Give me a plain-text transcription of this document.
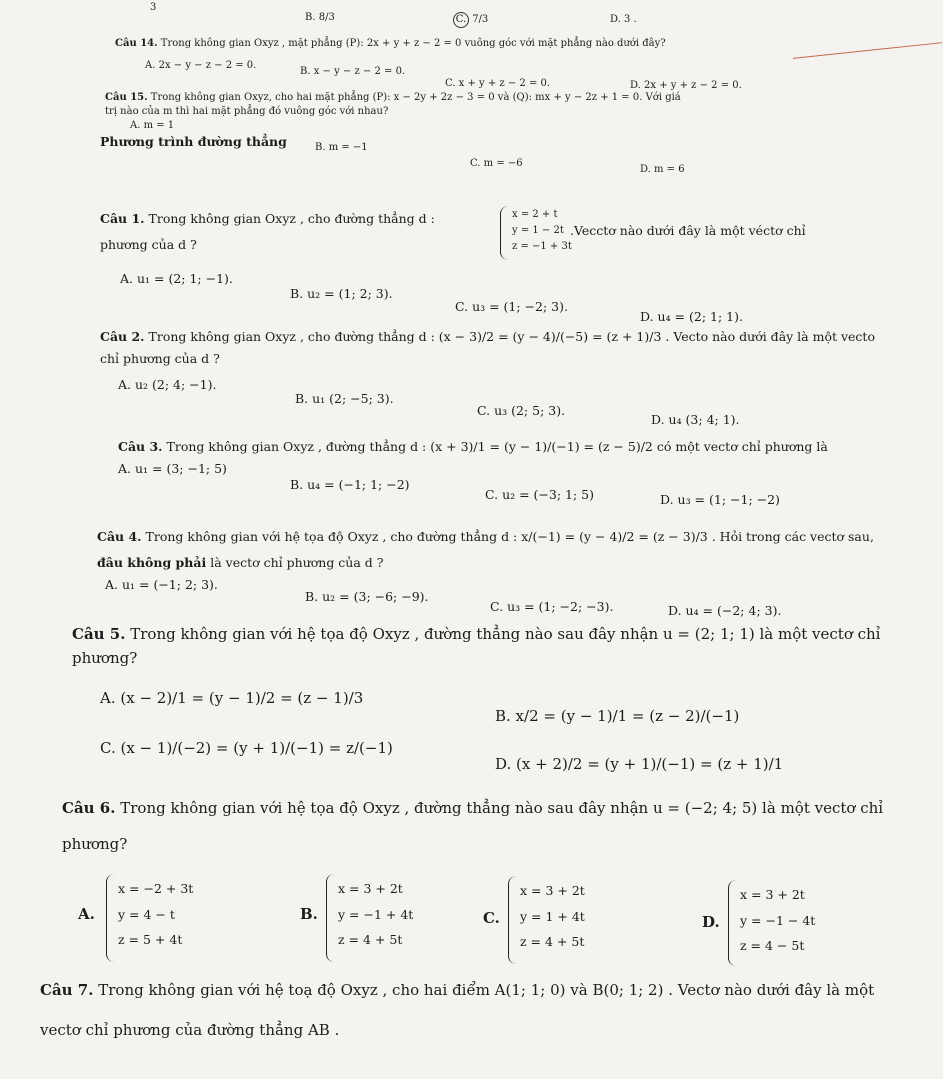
3
B. 8/3	C. 7/3	D. 3 .
Câu 14. Trong không gian Oxyz , mặt phẳng (P): 2x + y + z − 2 = 0 vuông góc với mặt phẳng nào dưới đây?
A. 2x − y − z − 2 = 0.
B. x − y − z − 2 = 0.
C. x + y + z − 2 = 0.	D. 2x + y + z − 2 = 0.
Câu 15. Trong không gian Oxyz, cho hai mặt phẳng (P): x − 2y + 2z − 3 = 0 và (Q): mx + y − 2z + 1 = 0. Với giá
trị nào của m thì hai mặt phẳng đó vuông góc với nhau?
A. m = 1
B. m = −1
C. m = −6
D. m = 6
Phương trình đường thẳng
Câu 1. Trong không gian Oxyz , cho đường thẳng d :	x = 2 + t
y = 1 − 2t
z = −1 + 3t
.Vecctơ nào dưới đây là một véctơ chỉ
phương của d ?
A. u₁ = (2; 1; −1).
B. u₂ = (1; 2; 3).
C. u₃ = (1; −2; 3).
D. u₄ = (2; 1; 1).
Câu 2. Trong không gian Oxyz , cho đường thẳng d : (x − 3)/2 = (y − 4)/(−5) = (z + 1)/3 . Vecto nào dưới đây là một vecto
chỉ phương của d ?
A. u₂ (2; 4; −1).
B. u₁ (2; −5; 3).
C. u₃ (2; 5; 3).
D. u₄ (3; 4; 1).
Câu 3. Trong không gian Oxyz , đường thẳng d : (x + 3)/1 = (y − 1)/(−1) = (z − 5)/2 có một vectơ chỉ phương là
A. u₁ = (3; −1; 5)
B. u₄ = (−1; 1; −2)
C. u₂ = (−3; 1; 5)	D. u₃ = (1; −1; −2)
Câu 4. Trong không gian với hệ tọa độ Oxyz , cho đường thẳng d : x/(−1) = (y − 4)/2 = (z − 3)/3 . Hỏi trong các vectơ sau,
đâu không phải là vectơ chỉ phương của d ?
A. u₁ = (−1; 2; 3).
B. u₂ = (3; −6; −9).
C. u₃ = (1; −2; −3).	D. u₄ = (−2; 4; 3).
Câu 5. Trong không gian với hệ tọa độ Oxyz , đường thẳng nào sau đây nhận u = (2; 1; 1) là một vectơ chỉ
phương?
A. (x − 2)/1 = (y − 1)/2 = (z − 1)/3
B. x/2 = (y − 1)/1 = (z − 2)/(−1)
C. (x − 1)/(−2) = (y + 1)/(−1) = z/(−1)
D. (x + 2)/2 = (y + 1)/(−1) = (z + 1)/1
Câu 6. Trong không gian với hệ tọa độ Oxyz , đường thẳng nào sau đây nhận u = (−2; 4; 5) là một vectơ chỉ
phương?
A.
x = −2 + 3t
y = 4 − t
z = 5 + 4t
B.
x = 3 + 2t
y = −1 + 4t
z = 4 + 5t
C.
x = 3 + 2t
y = 1 + 4t
z = 4 + 5t
D.
x = 3 + 2t
y = −1 − 4t
z = 4 − 5t
Câu 7. Trong không gian với hệ toạ độ Oxyz , cho hai điểm A(1; 1; 0) và B(0; 1; 2) . Vectơ nào dưới đây là một
vectơ chỉ phương của đường thẳng AB .
